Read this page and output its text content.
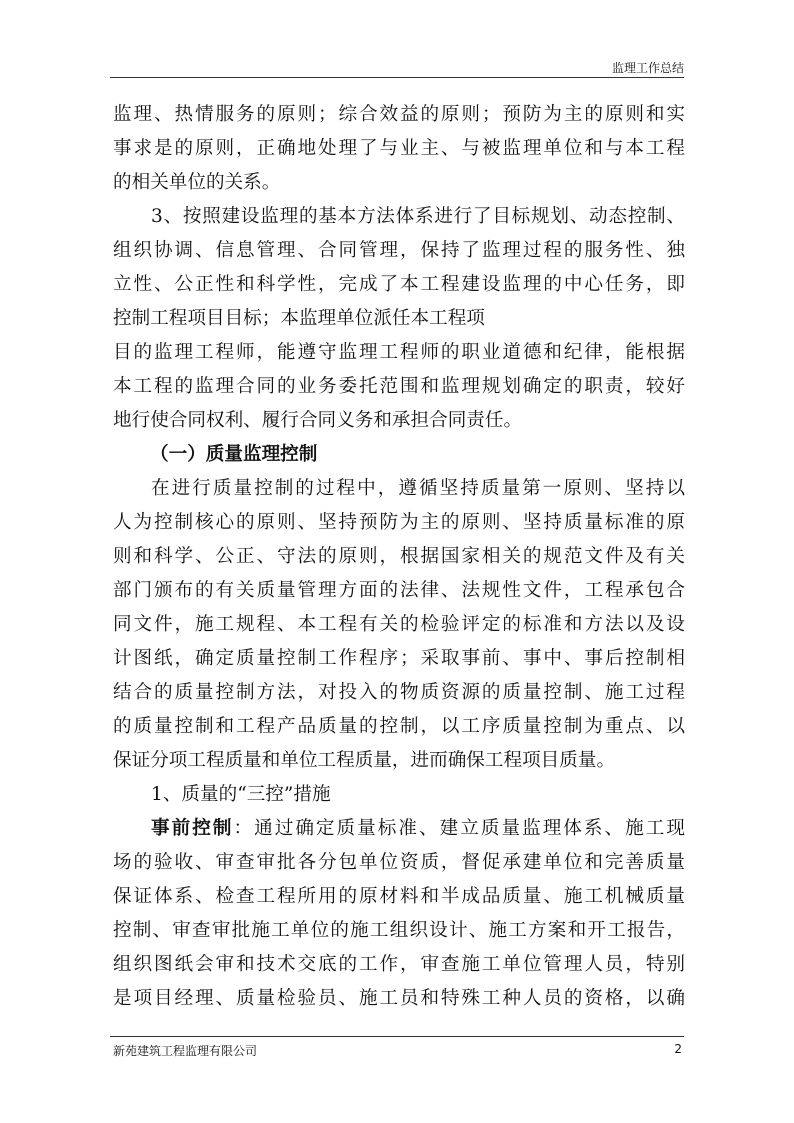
监理工作总结
监理、热情服务的原则；综合效益的原则；预防为主的原则和实
事求是的原则，正确地处理了与业主、与被监理单位和与本工程
的相关单位的关系。
3、按照建设监理的基本方法体系进行了目标规划、动态控制、
组织协调、信息管理、合同管理，保持了监理过程的服务性、独
立性、公正性和科学性，完成了本工程建设监理的中心任务，即
控制工程项目目标；本监理单位派任本工程项
目的监理工程师，能遵守监理工程师的职业道德和纪律，能根据
本工程的监理合同的业务委托范围和监理规划确定的职责，较好
地行使合同权利、履行合同义务和承担合同责任。
（一）质量监理控制
在进行质量控制的过程中，遵循坚持质量第一原则、坚持以
人为控制核心的原则、坚持预防为主的原则、坚持质量标准的原
则和科学、公正、守法的原则，根据国家相关的规范文件及有关
部门颁布的有关质量管理方面的法律、法规性文件，工程承包合
同文件，施工规程、本工程有关的检验评定的标准和方法以及设
计图纸，确定质量控制工作程序；采取事前、事中、事后控制相
结合的质量控制方法，对投入的物质资源的质量控制、施工过程
的质量控制和工程产品质量的控制，以工序质量控制为重点、以
保证分项工程质量和单位工程质量，进而确保工程项目质量。
1、质量的“三控”措施
事前控制：通过确定质量标准、建立质量监理体系、施工现
场的验收、审查审批各分包单位资质，督促承建单位和完善质量
保证体系、检查工程所用的原材料和半成品质量、施工机械质量
控制、审查审批施工单位的施工组织设计、施工方案和开工报告，
组织图纸会审和技术交底的工作，审查施工单位管理人员，特别
是项目经理、质量检验员、施工员和特殊工种人员的资格，以确
新苑建筑工程监理有限公司	2
